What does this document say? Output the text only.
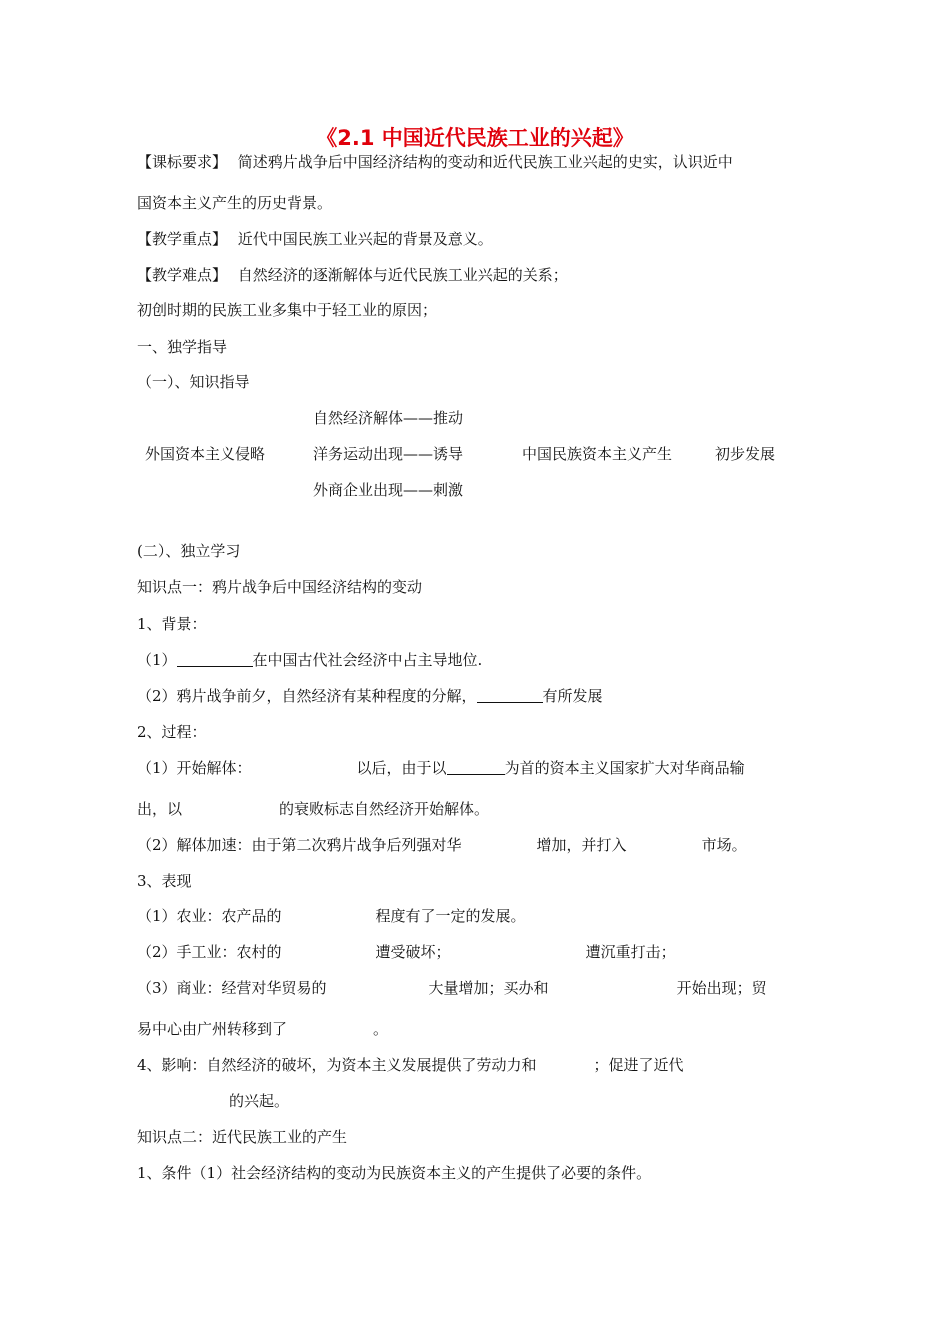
《2.1 中国近代民族工业的兴起》
【课标要求】 简述鸦片战争后中国经济结构的变动和近代民族工业兴起的史实，认识近中
国资本主义产生的历史背景。
【教学重点】 近代中国民族工业兴起的背景及意义。
【教学难点】 自然经济的逐渐解体与近代民族工业兴起的关系；
初创时期的民族工业多集中于轻工业的原因；
一、独学指导
（一）、知识指导
自然经济解体——推动
外国资本主义侵略	洋务运动出现——诱导	中国民族资本主义产生	初步发展
外商企业出现——刺激
(二）、独立学习
知识点一：鸦片战争后中国经济结构的变动
1、背景：
（1）	在中国古代社会经济中占主导地位.
（2）鸦片战争前夕，自然经济有某种程度的分解，	有所发展
2、过程：
（1）开始解体：	以后，由于以	为首的资本主义国家扩大对华商品输
出，以	的衰败标志自然经济开始解体。
（2）解体加速：由于第二次鸦片战争后列强对华	增加，并打入	市场。
3、表现
（1）农业：农产品的	程度有了一定的发展。
（2）手工业：农村的	遭受破坏；	遭沉重打击；
（3）商业：经营对华贸易的	大量增加；买办和	开始出现；贸
易中心由广州转移到了	。
4、影响：自然经济的破坏，为资本主义发展提供了劳动力和	；促进了近代
的兴起。
知识点二：近代民族工业的产生
1、条件（1）社会经济结构的变动为民族资本主义的产生提供了必要的条件。
